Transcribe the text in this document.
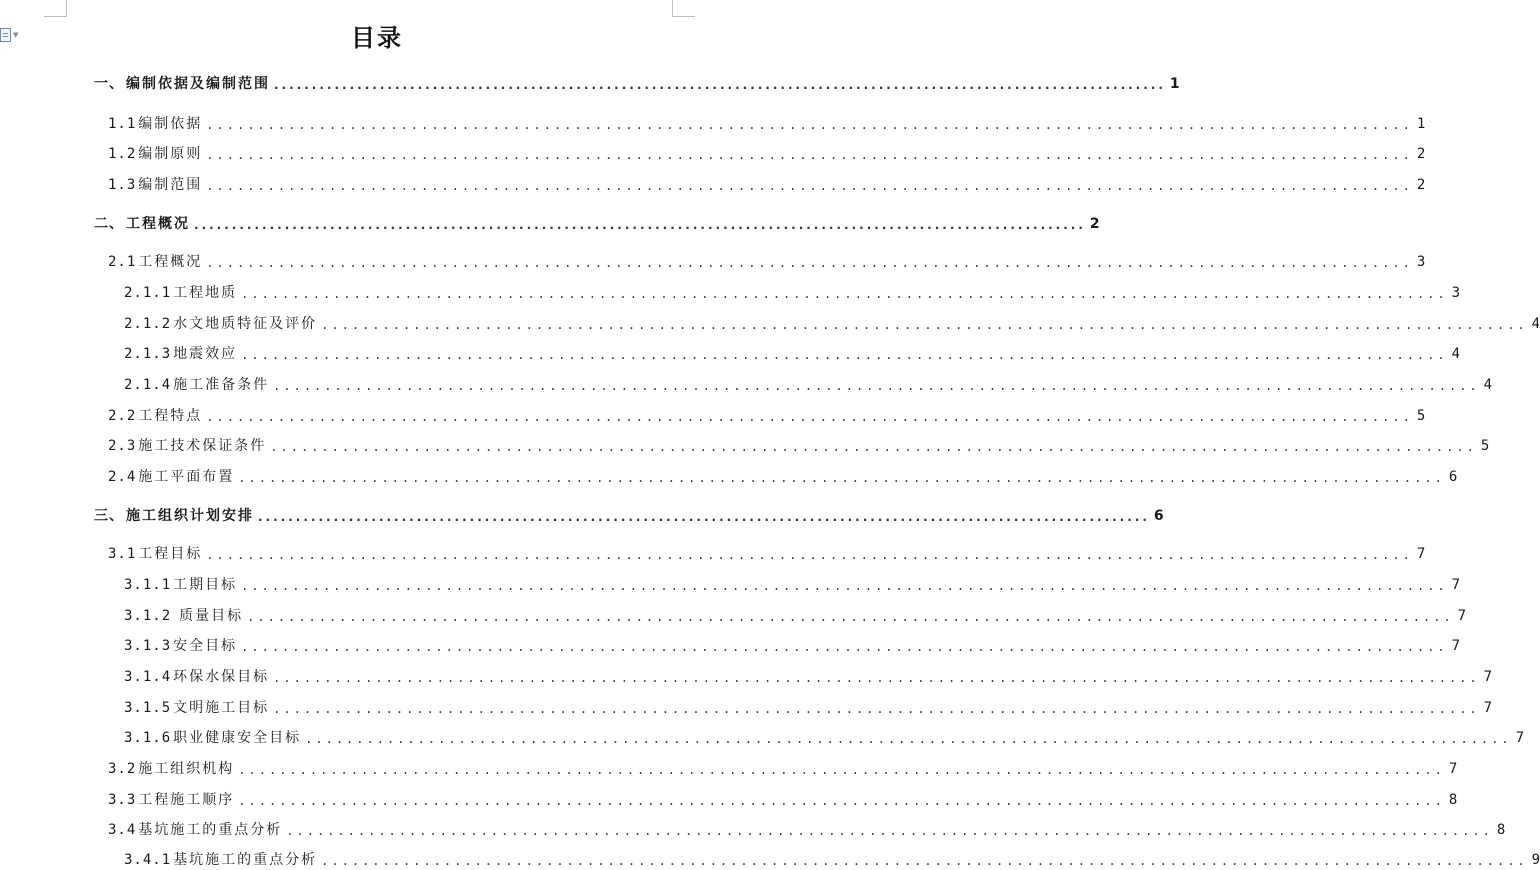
▼	目录
一、 编制依据及编制范围 ...................................................................................................................... 1
1.1 编制依据 ...................................................................................................................... 1
1.2 编制原则 ...................................................................................................................... 2
1.3 编制范围 ...................................................................................................................... 2
二、 工程概况 ...................................................................................................................... 2
2.1 工程概况 ...................................................................................................................... 3
2.1.1 工程地质 ...................................................................................................................... 3
2.1.2 水文地质特征及评价 ...................................................................................................................... 4
2.1.3 地震效应 ...................................................................................................................... 4
2.1.4 施工准备条件 ...................................................................................................................... 4
2.2 工程特点 ...................................................................................................................... 5
2.3 施工技术保证条件 ...................................................................................................................... 5
2.4 施工平面布置 ...................................................................................................................... 6
三、 施工组织计划安排 ...................................................................................................................... 6
3.1 工程目标 ...................................................................................................................... 7
3.1.1 工期目标 ...................................................................................................................... 7
3.1.2 质量目标 ...................................................................................................................... 7
3.1.3 安全目标 ...................................................................................................................... 7
3.1.4 环保水保目标 ...................................................................................................................... 7
3.1.5 文明施工目标 ...................................................................................................................... 7
3.1.6 职业健康安全目标 ...................................................................................................................... 7
3.2 施工组织机构 ...................................................................................................................... 7
3.3 工程施工顺序 ...................................................................................................................... 8
3.4 基坑施工的重点分析 ...................................................................................................................... 8
3.4.1 基坑施工的重点分析 ...................................................................................................................... 9
